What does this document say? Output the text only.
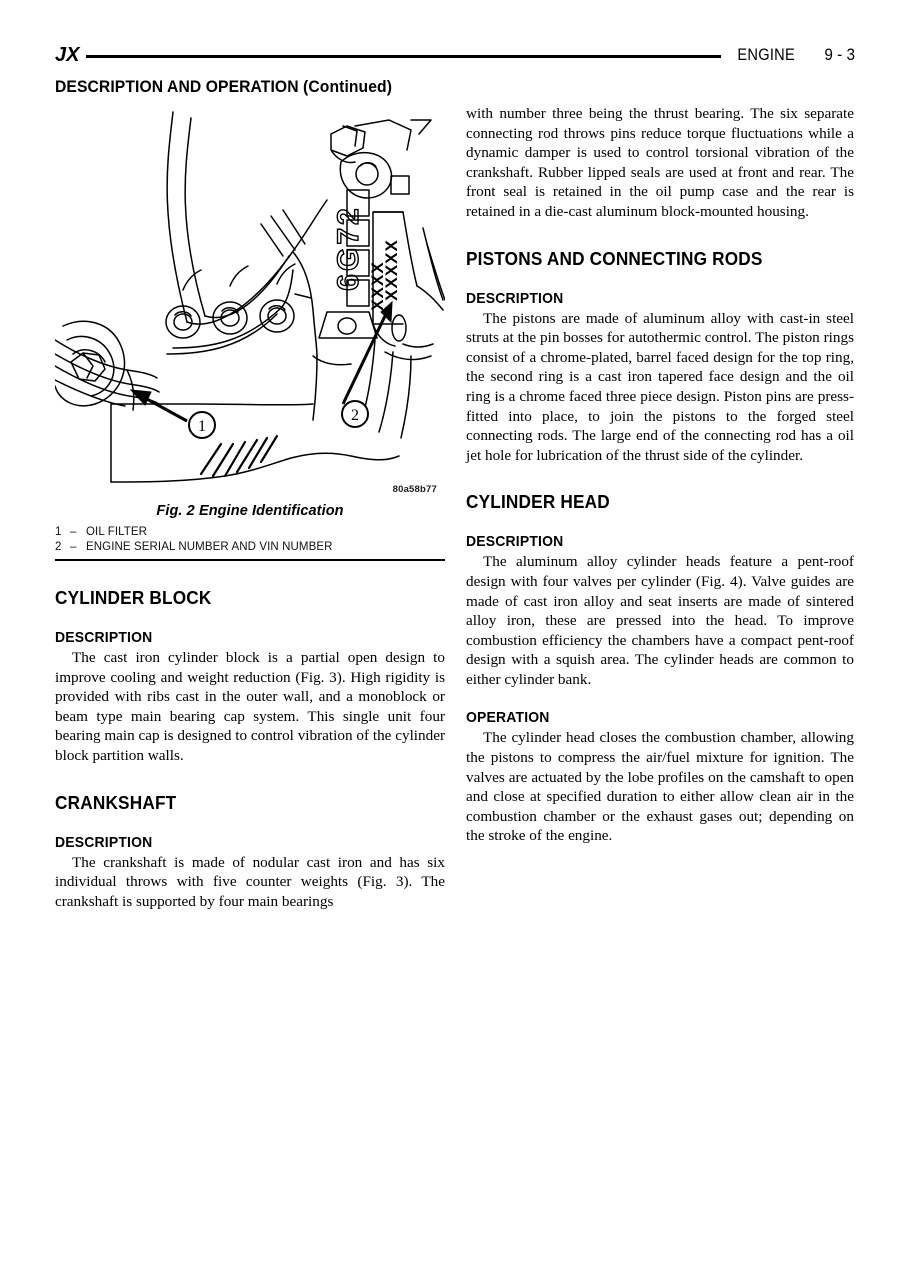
JX	ENGINE 9 - 3
DESCRIPTION AND OPERATION (Continued)
6G72 XXXX
XXXXX
1
2
80a58b77
Fig. 2 Engine Identification
1 – OIL FILTER
2 – ENGINE SERIAL NUMBER AND VIN NUMBER
CYLINDER BLOCK
DESCRIPTION

The cast iron cylinder block is a partial open design to improve cooling and weight reduction (Fig. 3). High rigidity is provided with ribs cast in the outer wall, and a monoblock or beam type main bearing cap system. This single unit four bearing main cap is designed to control vibration of the cylinder block partition walls.

CRANKSHAFT
DESCRIPTION

The crankshaft is made of nodular cast iron and has six individual throws with five counter weights (Fig. 3). The crankshaft is supported by four main bearings

with number three being the thrust bearing. The six separate connecting rod throws pins reduce torque fluctuations while a dynamic damper is used to control torsional vibration of the crankshaft. Rubber lipped seals are used at front and rear. The front seal is retained in the oil pump case and the rear is retained in a die-cast aluminum block-mounted housing.

PISTONS AND CONNECTING RODS
DESCRIPTION

The pistons are made of aluminum alloy with cast-in steel struts at the pin bosses for autothermic control. The piston rings consist of a chrome-plated, barrel faced design for the top ring, the second ring is a cast iron tapered face design and the oil ring is a chrome faced three piece design. Piston pins are press-fitted into place, to join the pistons to the forged steel connecting rods. The large end of the connecting rod has a oil jet hole for lubrication of the thrust side of the cylinder.

CYLINDER HEAD
DESCRIPTION

The aluminum alloy cylinder heads feature a pent-roof design with four valves per cylinder (Fig. 4). Valve guides are made of cast iron alloy and seat inserts are made of sintered alloy iron, these are pressed into the head. To improve combustion efficiency the chambers have a compact pent-roof design with a squish area. The cylinder heads are common to either cylinder bank.

OPERATION

The cylinder head closes the combustion chamber, allowing the pistons to compress the air/fuel mixture for ignition. The valves are actuated by the lobe profiles on the camshaft to open and close at specified duration to either allow clean air in the combustion chamber or the exhaust gases out; depending on the stroke of the engine.
